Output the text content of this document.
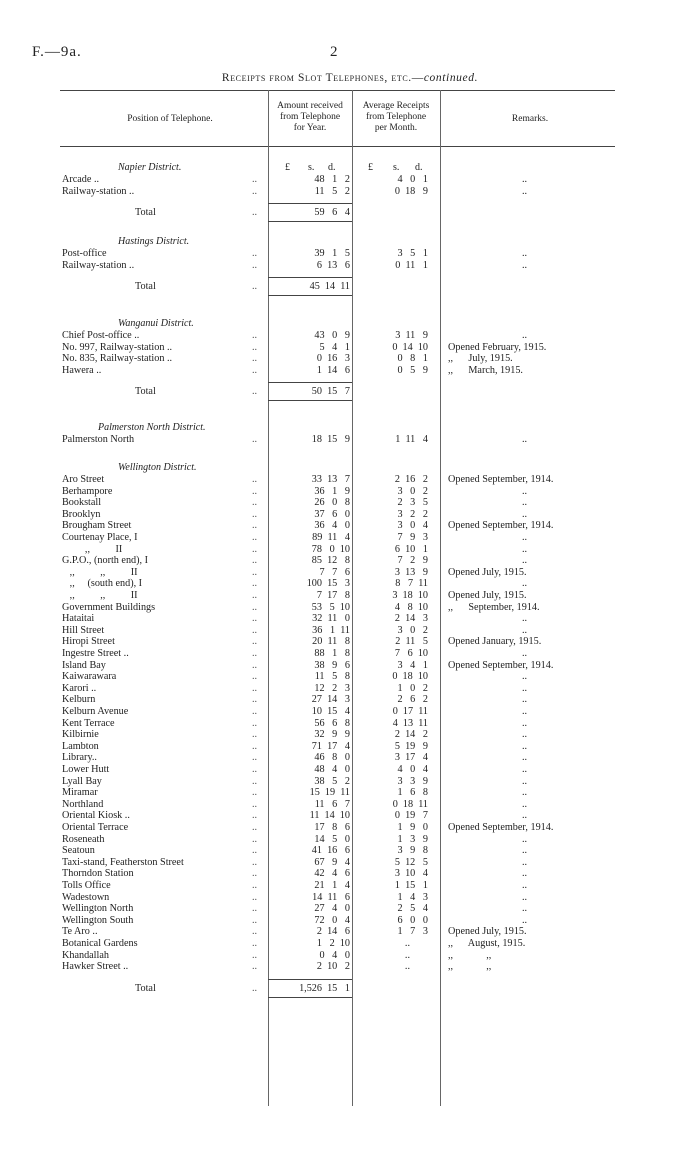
F.—9a.	2
Receipts from Slot Telephones, etc.—continued.
Position of Telephone.
Amount received
from Telephone
for Year.
Average Receipts
from Telephone
per Month.
Remarks.
£ s. d.	£ s. d.
Napier District.
Arcade ..	..	48   1   2	4   0   1	..
Railway-station ..	..	11   5   2	0  18   9	..
Total	..	59   6   4
Hastings District.
Post-office	..	39   1   5	3   5   1	..
Railway-station ..	..	6  13   6	0  11   1	..
Total	..	45  14  11
Wanganui District.
Chief Post-office ..	..	43   0   9	3  11   9	..
No. 997, Railway-station ..	..	5   4   1	0  14  10 Opened February, 1915.
No. 835, Railway-station ..	..	0  16   3	0   8   1 ,,      July, 1915.
Hawera ..	..	1  14   6	0   5   9 ,,      March, 1915.
Total	..	50  15   7
Palmerston North District.
Palmerston North	..	18  15   9	1  11   4	..
Wellington District.
Aro Street	..	33  13   7	2  16   2 Opened September, 1914.
Berhampore	..	36   1   9	3   0   2	..
Bookstall	..	26   0   8	2   3   5	..
Brooklyn	..	37   6   0	3   2   2	..
Brougham Street	..	36   4   0	3   0   4 Opened September, 1914.
Courtenay Place, I	..	89  11   4	7   9   3	..
,,          II	..	78   0  10	6  10   1	..
G.P.O., (north end), I	..	85  12   8	7   2   9	..
,,          ,,          II	..	7   7   6	3  13   9 Opened July, 1915.
,,     (south end), I	..	100  15   3	8   7  11	..
,,          ,,          II	..	7  17   8	3  18  10 Opened July, 1915.
Government Buildings	..	53   5  10	4   8  10 ,,      September, 1914.
Hataitai	..	32  11   0	2  14   3	..
Hill Street	..	36   1  11	3   0   2	..
Hiropi Street	..	20  11   8	2  11   5 Opened January, 1915.
Ingestre Street ..	..	88   1   8	7   6  10	..
Island Bay	..	38   9   6	3   4   1 Opened September, 1914.
Kaiwarawara	..	11   5   8	0  18  10	..
Karori ..	..	12   2   3	1   0   2	..
Kelburn	..	27  14   3	2   6   2	..
Kelburn Avenue	..	10  15   4	0  17  11	..
Kent Terrace	..	56   6   8	4  13  11	..
Kilbirnie	..	32   9   9	2  14   2	..
Lambton	..	71  17   4	5  19   9	..
Library..	..	46   8   0	3  17   4	..
Lower Hutt	..	48   4   0	4   0   4	..
Lyall Bay	..	38   5   2	3   3   9	..
Miramar	..	15  19  11	1   6   8	..
Northland	..	11   6   7	0  18  11	..
Oriental Kiosk ..	..	11  14  10	0  19   7	..
Oriental Terrace	..	17   8   6	1   9   0 Opened September, 1914.
Roseneath	..	14   5   0	1   3   9	..
Seatoun	..	41  16   6	3   9   8	..
Taxi-stand, Featherston Street	..	67   9   4	5  12   5	..
Thorndon Station	..	42   4   6	3  10   4	..
Tolls Office	..	21   1   4	1  15   1	..
Wadestown	..	14  11   6	1   4   3	..
Wellington North	..	27   4   0	2   5   4	..
Wellington South	..	72   0   4	6   0   0	..
Te Aro ..	..	2  14   6	1   7   3 Opened July, 1915.
Botanical Gardens	..	1   2  10	..	,,      August, 1915.
Khandallah	..	0   4   0	..	,,             ,,
Hawker Street ..	..	2  10   2	..	,,             ,,
Total	..	1,526  15   1
